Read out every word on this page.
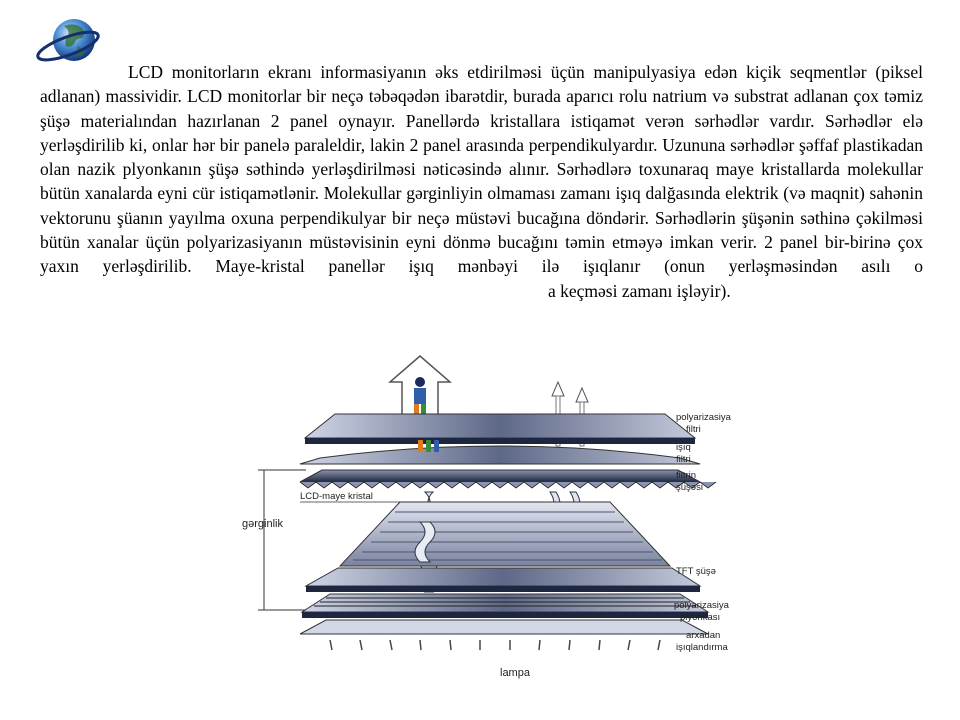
LCD monitorların ekranı informasiyanın əks etdirilməsi üçün manipulyasiya edən kiçik seqmentlər (piksel adlanan) massividir. LCD monitorlar bir neçə təbəqədən ibarətdir, burada aparıcı rolu natrium və substrat adlanan çox təmiz şüşə materialından hazırlanan 2 panel oynayır. Panellərdə kristallara istiqamət verən sərhədlər vardır. Sərhədlər elə yerləşdirilib ki, onlar hər bir panelə paraleldir, lakin 2 panel arasında perpendikulyardır. Uzununa sərhədlər şəffaf plastikadan olan nazik plyonkanın şüşə səthində yerləşdirilməsi nəticəsində alınır. Sərhədlərə toxunaraq maye kristallarda molekullar bütün xanalarda eyni cür istiqamətlənir. Molekullar gərginliyin olmaması zamanı işıq dalğasında elektrik (və maqnit) sahənin vektorunu şüanın yayılma oxuna perpendikulyar bir neçə müstəvi bucağına döndərir. Sərhədlərin şüşənin səthinə çəkilməsi bütün xanalar üçün polyarizasiyanın müstəvisinin eyni dönmə bucağını təmin etməyə imkan verir. 2 panel bir-birinə çox yaxın yerləşdirilib. Maye-kristal panellər işıq mənbəyi ilə işıqlanır (onun yerləşməsindən asılı oa keçməsi zamanı işləyir).

polyarizasiya filtri
işıq filtri
filtrin şüşəsi
LCD-maye kristal
gərginlik
TFT şüşə
polyarizasiya plyonkası
arxadan işıqlandırma
lampa
